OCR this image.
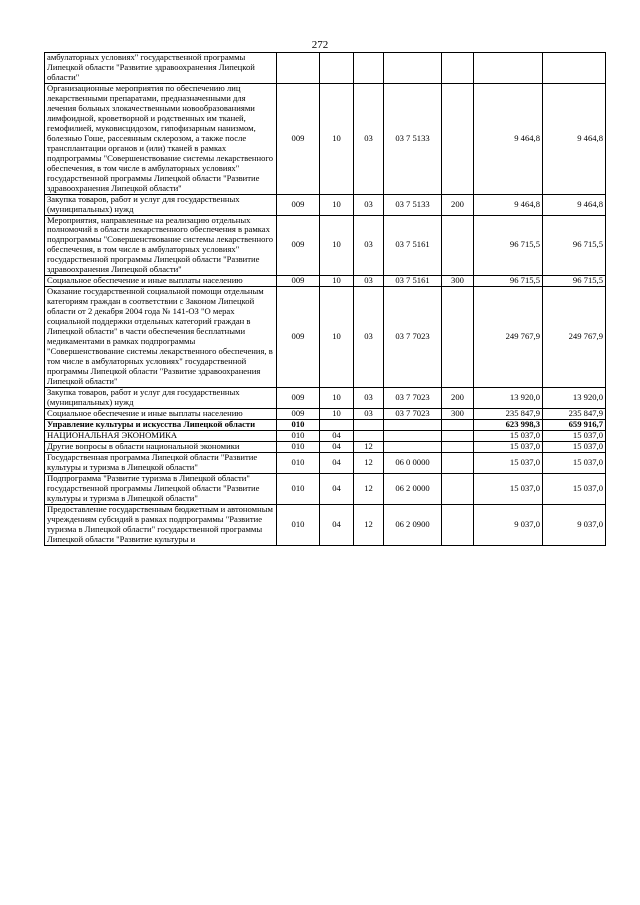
272
амбулаторных условиях" государственной программы Липецкой области "Развитие здравоохранения Липецкой области"							
Организационные мероприятия по обеспечению лиц лекарственными препаратами, предназначенными для лечения больных злокачественными новообразованиями лимфоидной, кроветворной и родственных им тканей, гемофилией, муковисцидозом, гипофизарным нанизмом, болезнью Гоше, рассеянным склерозом, а также после трансплантации органов и (или) тканей в рамках подпрограммы "Совершенствование системы лекарственного обеспечения, в том числе в амбулаторных условиях" государственной программы Липецкой области "Развитие здравоохранения Липецкой области"	009	10	03	03 7 5133		9 464,8	9 464,8
Закупка товаров, работ и услуг для государственных (муниципальных) нужд	009	10	03	03 7 5133	200	9 464,8	9 464,8
Мероприятия, направленные на реализацию отдельных полномочий в области лекарственного обеспечения в рамках подпрограммы "Совершенствование системы лекарственного обеспечения, в том числе в амбулаторных условиях" государственной программы Липецкой области "Развитие здравоохранения Липецкой области"	009	10	03	03 7 5161		96 715,5	96 715,5
Социальное обеспечение и иные выплаты населению	009	10	03	03 7 5161	300	96 715,5	96 715,5
Оказание государственной социальной помощи отдельным категориям граждан в соответствии с Законом Липецкой области от 2 декабря 2004 года № 141-ОЗ "О мерах социальной поддержки отдельных категорий граждан в Липецкой области" в части обеспечения бесплатными медикаментами в рамках подпрограммы "Совершенствование системы лекарственного обеспечения, в том числе в амбулаторных условиях" государственной программы Липецкой области "Развитие здравоохранения Липецкой области"	009	10	03	03 7 7023		249 767,9	249 767,9
Закупка товаров, работ и услуг для государственных (муниципальных) нужд	009	10	03	03 7 7023	200	13 920,0	13 920,0
Социальное обеспечение и иные выплаты населению	009	10	03	03 7 7023	300	235 847,9	235 847,9
Управление культуры и искусства Липецкой области	010					623 998,3	659 916,7
НАЦИОНАЛЬНАЯ ЭКОНОМИКА	010	04				15 037,0	15 037,0
Другие вопросы в области национальной экономики	010	04	12			15 037,0	15 037,0
Государственная программа Липецкой области "Развитие культуры и туризма в Липецкой области"	010	04	12	06 0 0000		15 037,0	15 037,0
Подпрограмма "Развитие туризма в Липецкой области" государственной программы Липецкой области "Развитие культуры и туризма в Липецкой области"	010	04	12	06 2 0000		15 037,0	15 037,0
Предоставление государственным бюджетным и автономным учреждениям субсидий в рамках подпрограммы "Развитие туризма в Липецкой области" государственной программы Липецкой области "Развитие культуры и	010	04	12	06 2 0900		9 037,0	9 037,0
